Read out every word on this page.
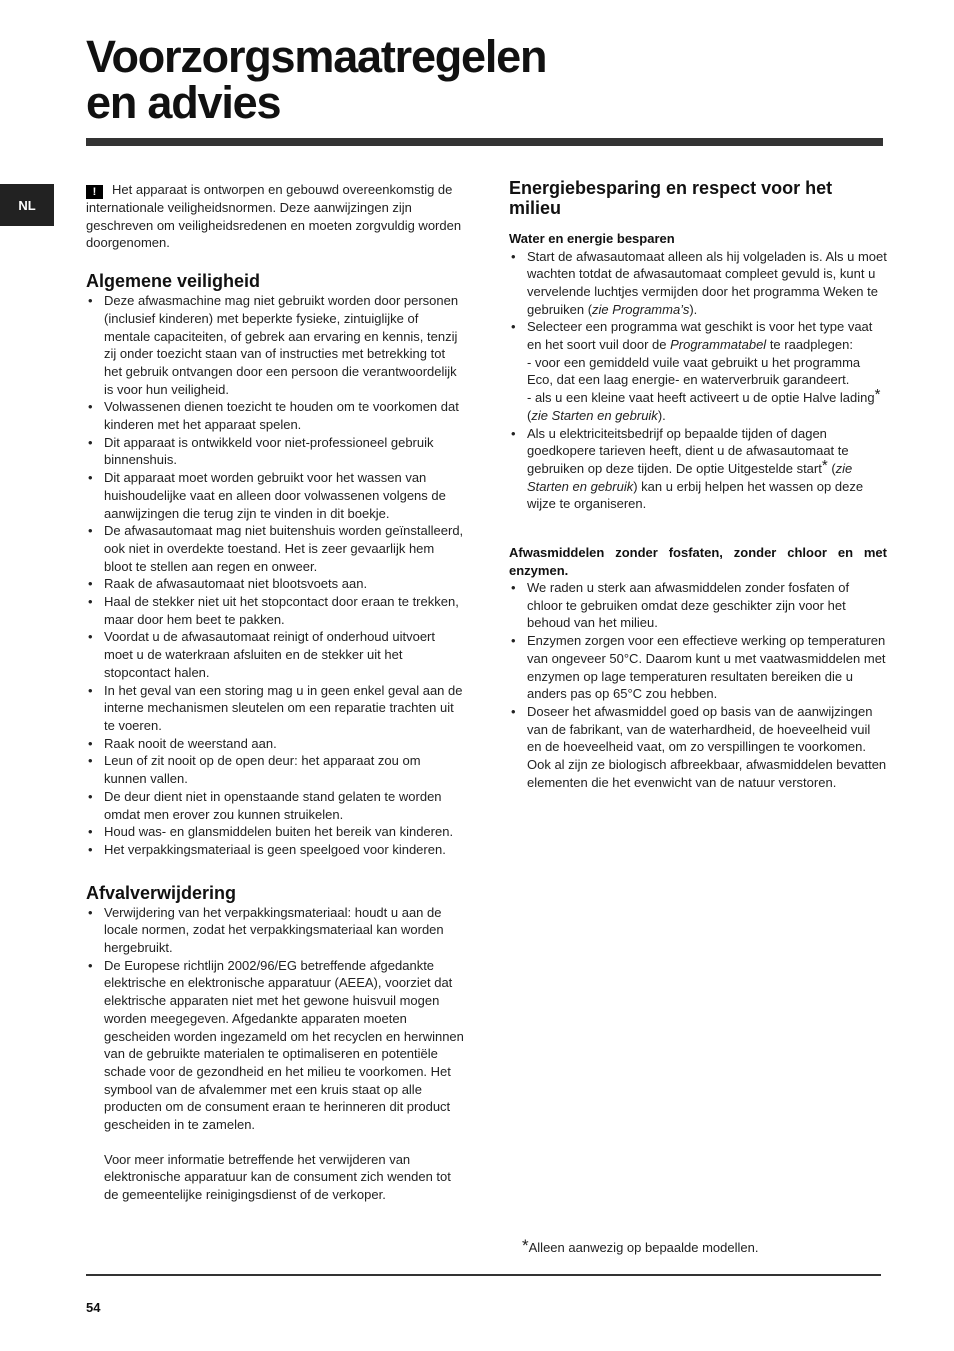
Voorzorgsmaatregelen
en advies
NL

! Het apparaat is ontworpen en gebouwd overeenkomstig de internationale veiligheidsnormen. Deze aanwijzingen zijn geschreven om veiligheidsredenen en moeten zorgvuldig worden doorgenomen.

Algemene veiligheid
• Deze afwasmachine mag niet gebruikt worden door personen (inclusief kinderen) met beperkte fysieke, zintuiglijke of mentale capaciteiten, of gebrek aan ervaring en kennis, tenzij zij onder toezicht staan van of instructies met betrekking tot het gebruik ontvangen door een persoon die verantwoordelijk is voor hun veiligheid.
• Volwassenen dienen toezicht te houden om te voorkomen dat kinderen met het apparaat spelen.
• Dit apparaat is ontwikkeld voor niet-professioneel gebruik binnenshuis.
• Dit apparaat moet worden gebruikt voor het wassen van huishoudelijke vaat en alleen door volwassenen volgens de aanwijzingen die terug zijn te vinden in dit boekje.
• De afwasautomaat mag niet buitenshuis worden geïnstalleerd, ook niet in overdekte toestand. Het is zeer gevaarlijk hem bloot te stellen aan regen en onweer.
• Raak de afwasautomaat niet blootsvoets aan.
• Haal de stekker niet uit het stopcontact door eraan te trekken, maar door hem beet te pakken.
• Voordat u de afwasautomaat reinigt of onderhoud uitvoert moet u de waterkraan afsluiten en de stekker uit het stopcontact halen.
• In het geval van een storing mag u in geen enkel geval aan de interne mechanismen sleutelen om een reparatie trachten uit te voeren.
• Raak nooit de weerstand aan.
• Leun of zit nooit op de open deur: het apparaat zou om kunnen vallen.
• De deur dient niet in openstaande stand gelaten te worden omdat men erover zou kunnen struikelen.
• Houd was- en glansmiddelen buiten het bereik van kinderen.
• Het verpakkingsmateriaal is geen speelgoed voor kinderen.
Afvalverwijdering
• Verwijdering van het verpakkingsmateriaal: houdt u aan de locale normen, zodat het verpakkingsmateriaal kan worden hergebruikt.
• De Europese richtlijn 2002/96/EG betreffende afgedankte elektrische en elektronische apparatuur (AEEA), voorziet dat elektrische apparaten niet met het gewone huisvuil mogen worden meegegeven. Afgedankte apparaten moeten gescheiden worden ingezameld om het recyclen en herwinnen van de gebruikte materialen te optimaliseren en potentiële schade voor de gezondheid en het milieu te voorkomen. Het symbool van de afvalemmer met een kruis staat op alle producten om de consument eraan te herinneren dit product gescheiden in te zamelen.
Voor meer informatie betreffende het verwijderen van elektronische apparatuur kan de consument zich wenden tot de gemeentelijke reinigingsdienst of de verkoper.
Energiebesparing en respect voor het milieu
Water en energie besparen
• Start de afwasautomaat alleen als hij volgeladen is. Als u moet wachten totdat de afwasautomaat compleet gevuld is, kunt u vervelende luchtjes vermijden door het programma Weken te gebruiken (zie Programma’s).
• Selecteer een programma wat geschikt is voor het type vaat en het soort vuil door de Programmatabel te raadplegen:
- voor een gemiddeld vuile vaat gebruikt u het programma Eco, dat een laag energie- en waterverbruik garandeert.
- als u een kleine vaat heeft activeert u de optie Halve lading* (zie Starten en gebruik).
• Als u elektriciteitsbedrijf op bepaalde tijden of dagen goedkopere tarieven heeft, dient u de afwasautomaat te gebruiken op deze tijden. De optie Uitgestelde start* (zie Starten en gebruik) kan u erbij helpen het wassen op deze wijze te organiseren.
Afwasmiddelen zonder fosfaten, zonder chloor en met enzymen.
• We raden u sterk aan afwasmiddelen zonder fosfaten of chloor te gebruiken omdat deze geschikter zijn voor het behoud van het milieu.
• Enzymen zorgen voor een effectieve werking op temperaturen van ongeveer 50°C. Daarom kunt u met vaatwasmiddelen met enzymen op lage temperaturen resultaten bereiken die u anders pas op 65°C zou hebben.
• Doseer het afwasmiddel goed op basis van de aanwijzingen van de fabrikant, van de waterhardheid, de hoeveelheid vuil en de hoeveelheid vaat, om zo verspillingen te voorkomen. Ook al zijn ze biologisch afbreekbaar, afwasmiddelen bevatten elementen die het evenwicht van de natuur verstoren.
*Alleen aanwezig op bepaalde modellen.
54
